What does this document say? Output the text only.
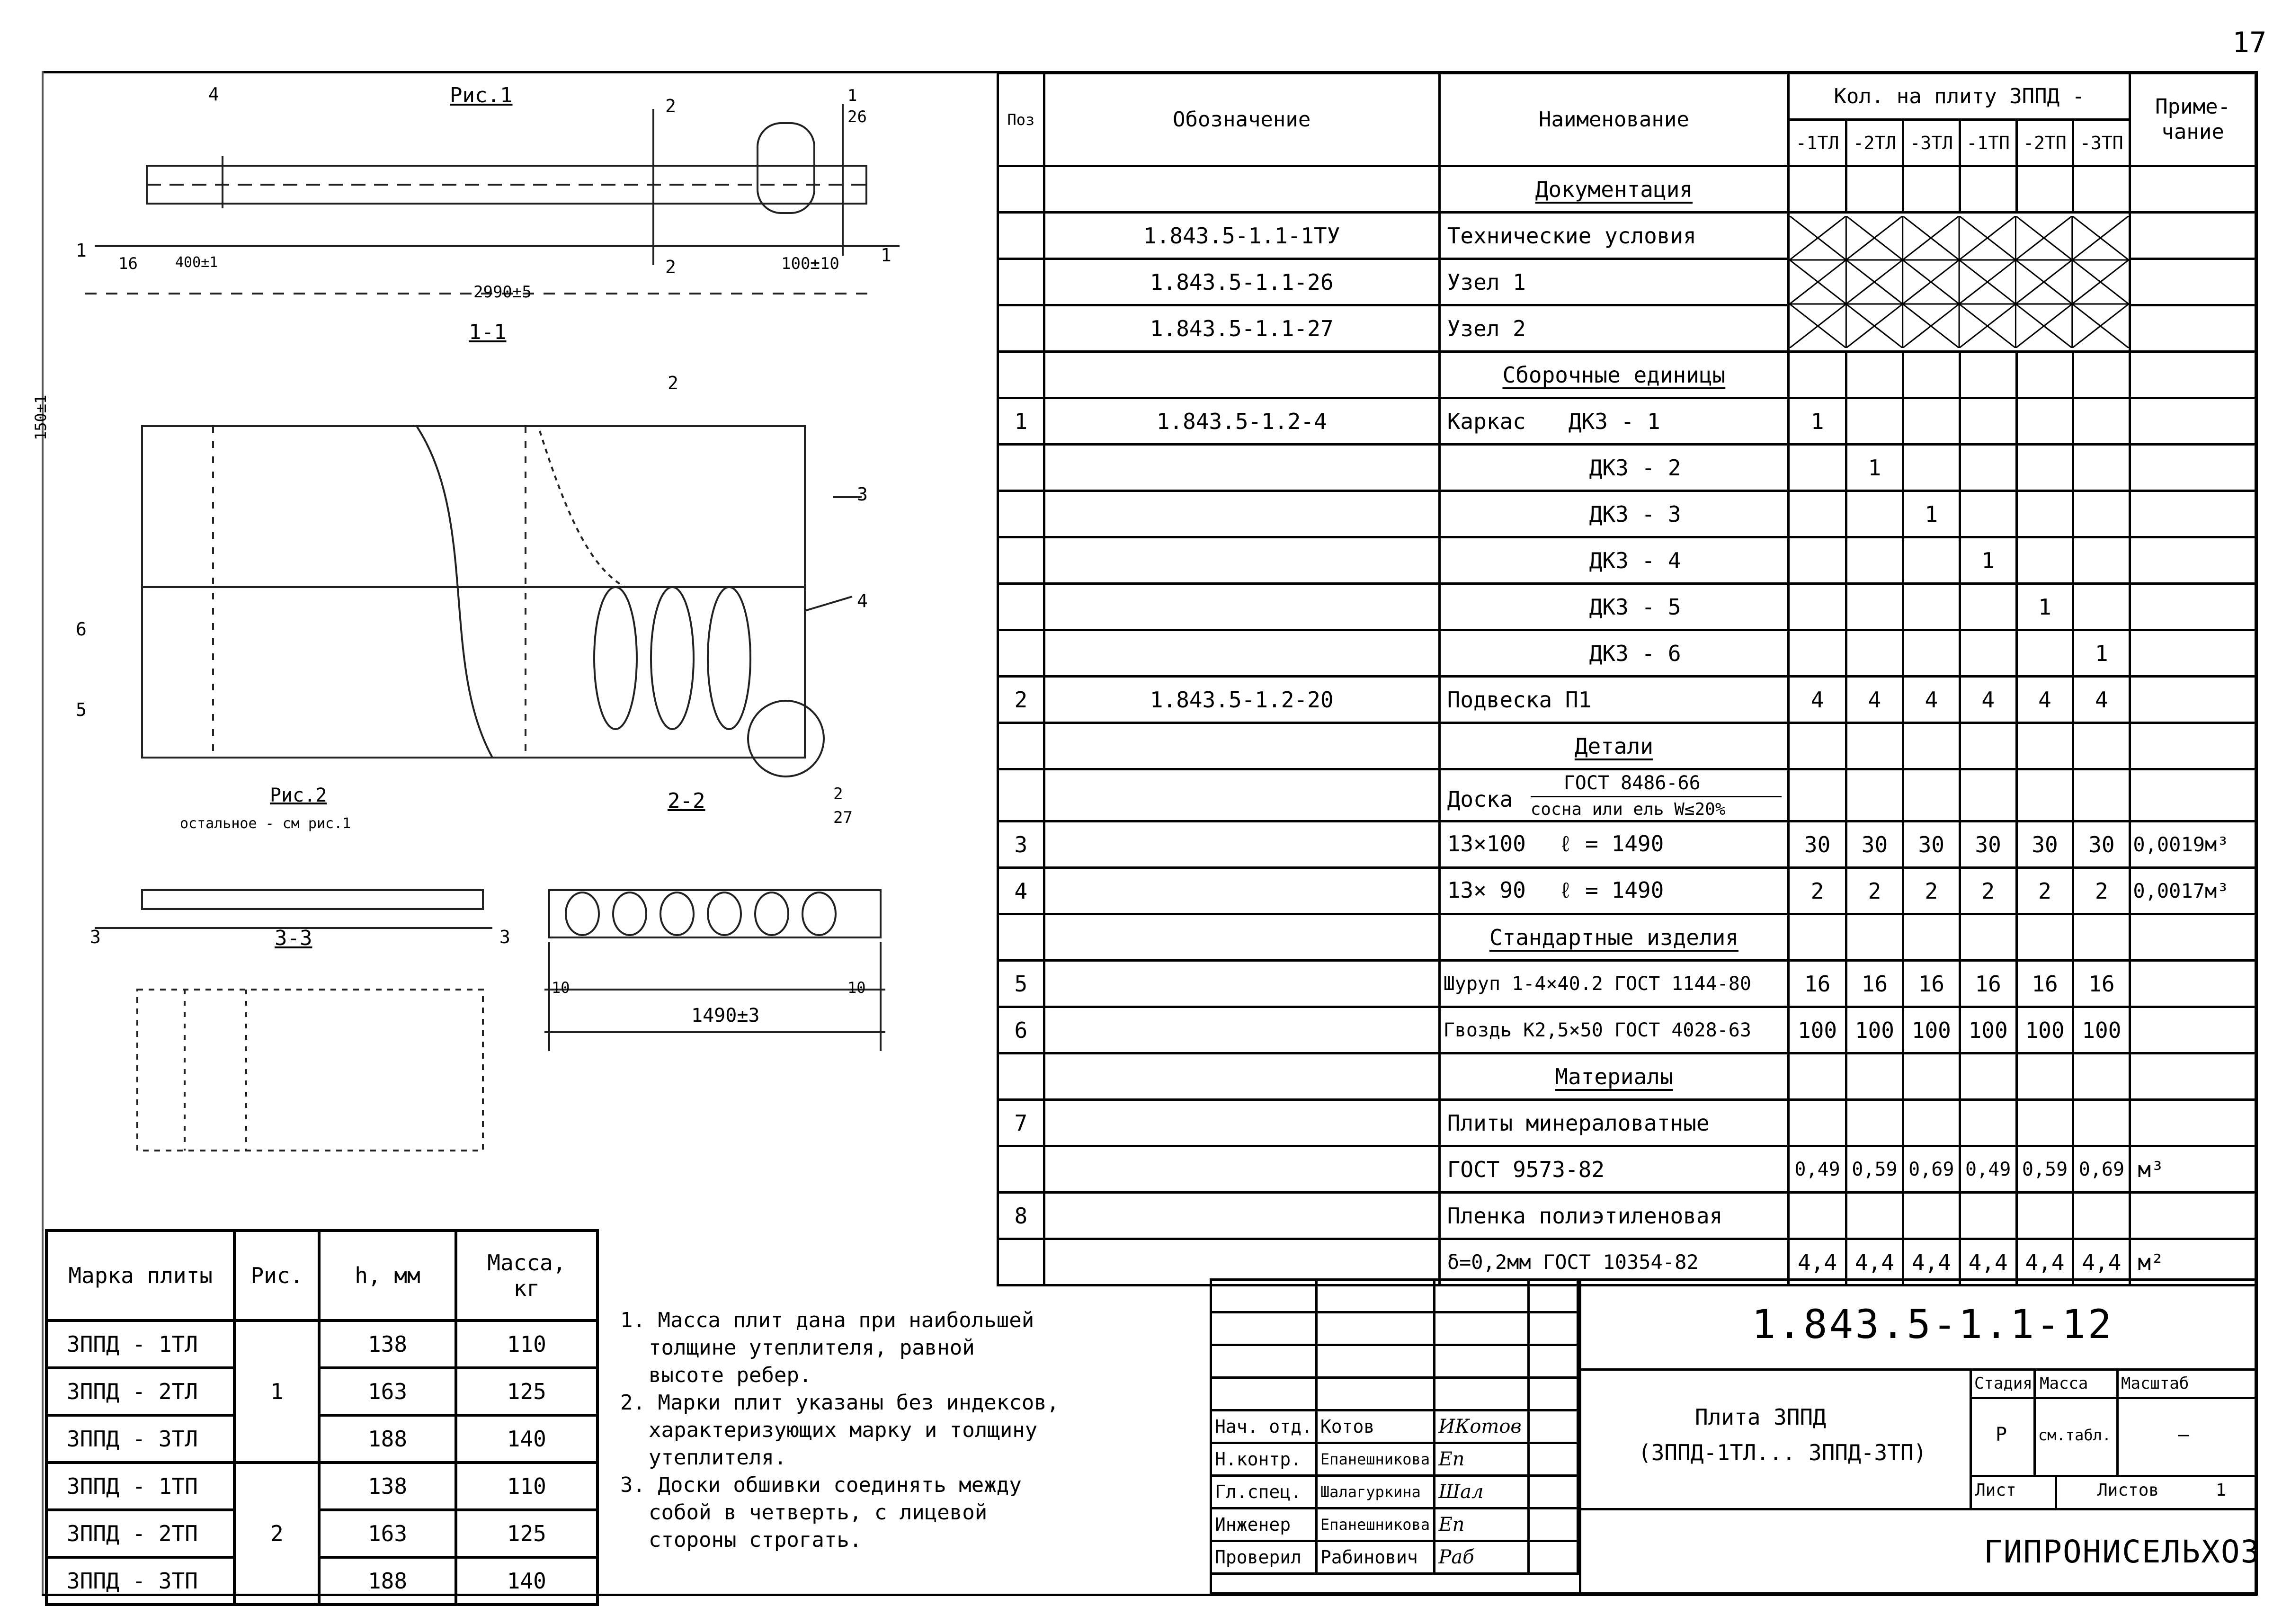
17
Рис.1
2990±5
16	400±1	100±10
1	1
2
2
1
26
4
1-1
150±1
2
3
4
6
5
2
27
Рис.2
остальное - см рис.1
2-2
3-3
3	3
10	10
1490±3
Поз	Обозначение	Наименование	Кол. на плиту ЗППД -						Приме-чание
			-1ТЛ	-2ТЛ	-3ТЛ	-1ТП	-2ТП	-3ТП	
		Документация							
	1.843.5-1.1-1ТУ	Технические условия	

	1.843.5-1.1-26	Узел 1							
	1.843.5-1.1-27	Узел 2							
		Сборочные единицы							
1	1.843.5-1.2-4	Каркас ДКЗ - 1	1						
		ДКЗ - 2		1					
		ДКЗ - 3			1				
		ДКЗ - 4				1			
		ДКЗ - 5					1		
		ДКЗ - 6						1	
2	1.843.5-1.2-20	Подвеска П1	4	4	4	4	4	4	
		Детали							

		Доска
ГОСТ 8486-66
сосна или ель W≤20%							

3		13×100 ℓ = 1490	30	30	30	30	30	30	0,0019м³
4		13× 90 ℓ = 1490	2	2	2	2	2	2	0,0017м³
		Стандартные изделия							
5		Шуруп 1-4×40.2 ГОСТ 1144-80	16	16	16	16	16	16	
6		Гвоздь К2,5×50 ГОСТ 4028-63	100	100	100	100	100	100	
		Материалы							
7		Плиты минераловатные							
		ГОСТ 9573-82	0,49	0,59	0,69	0,49	0,59	0,69	м³
8		Пленка полиэтиленовая							
		δ=0,2мм ГОСТ 10354-82	4,4	4,4	4,4	4,4	4,4	4,4	м²
Марка плиты	Рис.	h, мм	Масса, кг
ЗППД - 1ТЛ	1	138	110
ЗППД - 2ТЛ		163	125
ЗППД - 3ТЛ		188	140
ЗППД - 1ТП	2	138	110
ЗППД - 2ТП		163	125
ЗППД - 3ТП		188	140
1. Масса плит дана при наибольшей
толщине утеплителя, равной
высоте ребер.
2. Марки плит указаны без индексов,
характеризующих марку и толщину
утеплителя.
3. Доски обшивки соединять между
собой в четверть, с лицевой
стороны строгать.

Нач. отд.	Котов	ИКотов	
Н.контр.	Епанешникова	Еп	
Гл.спец.	Шалагуркина	Шал	
Инженер	Епанешникова	Еп	
Проверил	Рабинович	Раб	
1.843.5-1.1-12
Плита ЗППД
(ЗППД-1ТЛ... ЗППД-3ТП)
Стадия Масса Масштаб
Р см.табл.	—
Лист	Листов	1
ГИПРОНИСЕЛЬХОЗ
